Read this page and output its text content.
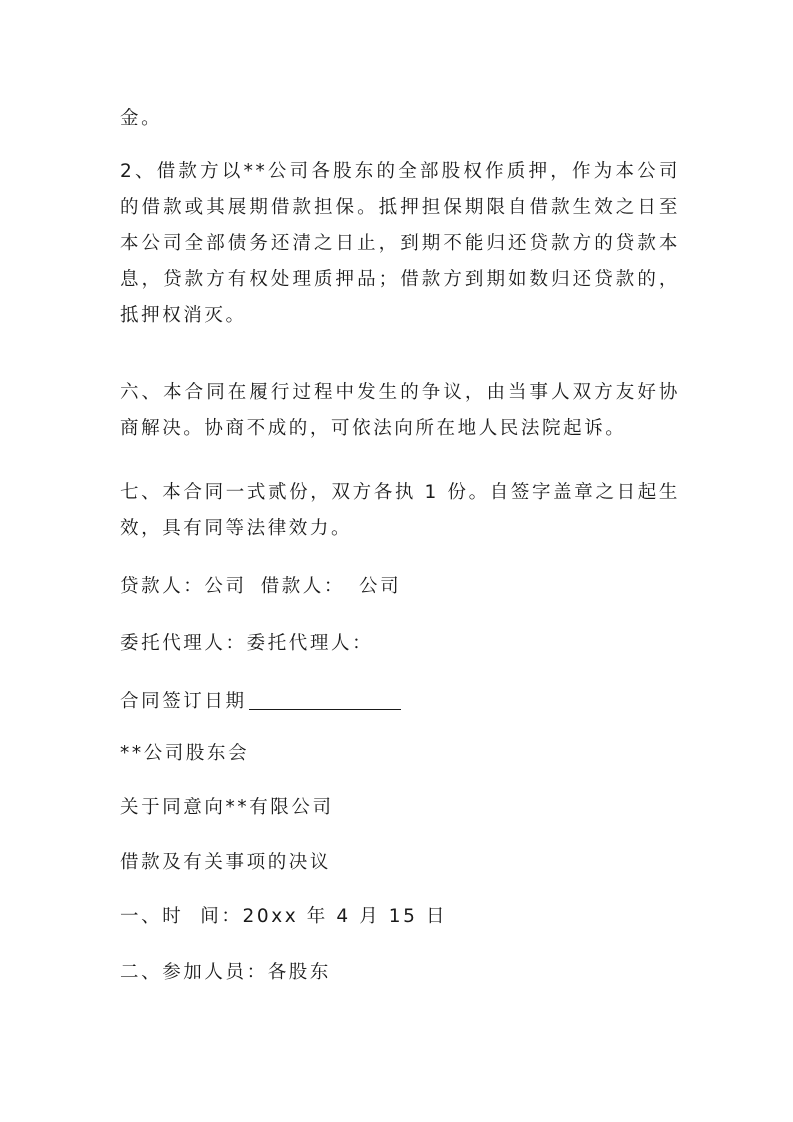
金。

2、借款方以**公司各股东的全部股权作质押，作为本公司
的借款或其展期借款担保。抵押担保期限自借款生效之日至
本公司全部债务还清之日止，到期不能归还贷款方的贷款本
息，贷款方有权处理质押品；借款方到期如数归还贷款的，
抵押权消灭。

六、本合同在履行过程中发生的争议，由当事人双方友好协
商解决。协商不成的，可依法向所在地人民法院起诉。

七、本合同一式贰份，双方各执 1 份。自签字盖章之日起生
效，具有同等法律效力。

贷款人：公司 借款人： 公司

委托代理人：委托代理人：

合同签订日期

**公司股东会

关于同意向**有限公司

借款及有关事项的决议

一、时  间：20xx 年 4 月 15 日

二、参加人员：各股东
